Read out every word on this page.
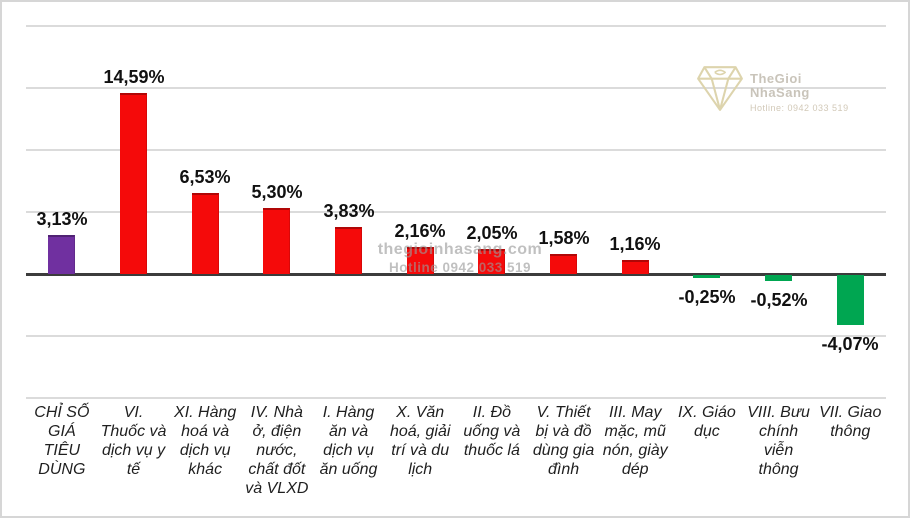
3,13%
14,59%
6,53%
5,30%
3,83%
2,16%	2,05%	1,58%	1,16%
-0,25% -0,52%
-4,07%
thegioinhasang.com
Hotline 0942 033 519
TheGioi
NhaSang
Hotline: 0942 033 519
CHỈ SỐ GIÁ TIÊU DÙNG
VI. Thuốc và dịch vụ y tế
XI. Hàng hoá và dịch vụ khác
IV. Nhà ở, điện nước, chất đốt và VLXD
I. Hàng ăn và dịch vụ ăn uống
X. Văn hoá, giải trí và du lịch
II. Đồ uống và thuốc lá
V. Thiết bị và đồ dùng gia đình
III. May mặc, mũ nón, giày dép
IX. Giáo dục
VIII. Bưu chính viễn thông
VII. Giao thông
